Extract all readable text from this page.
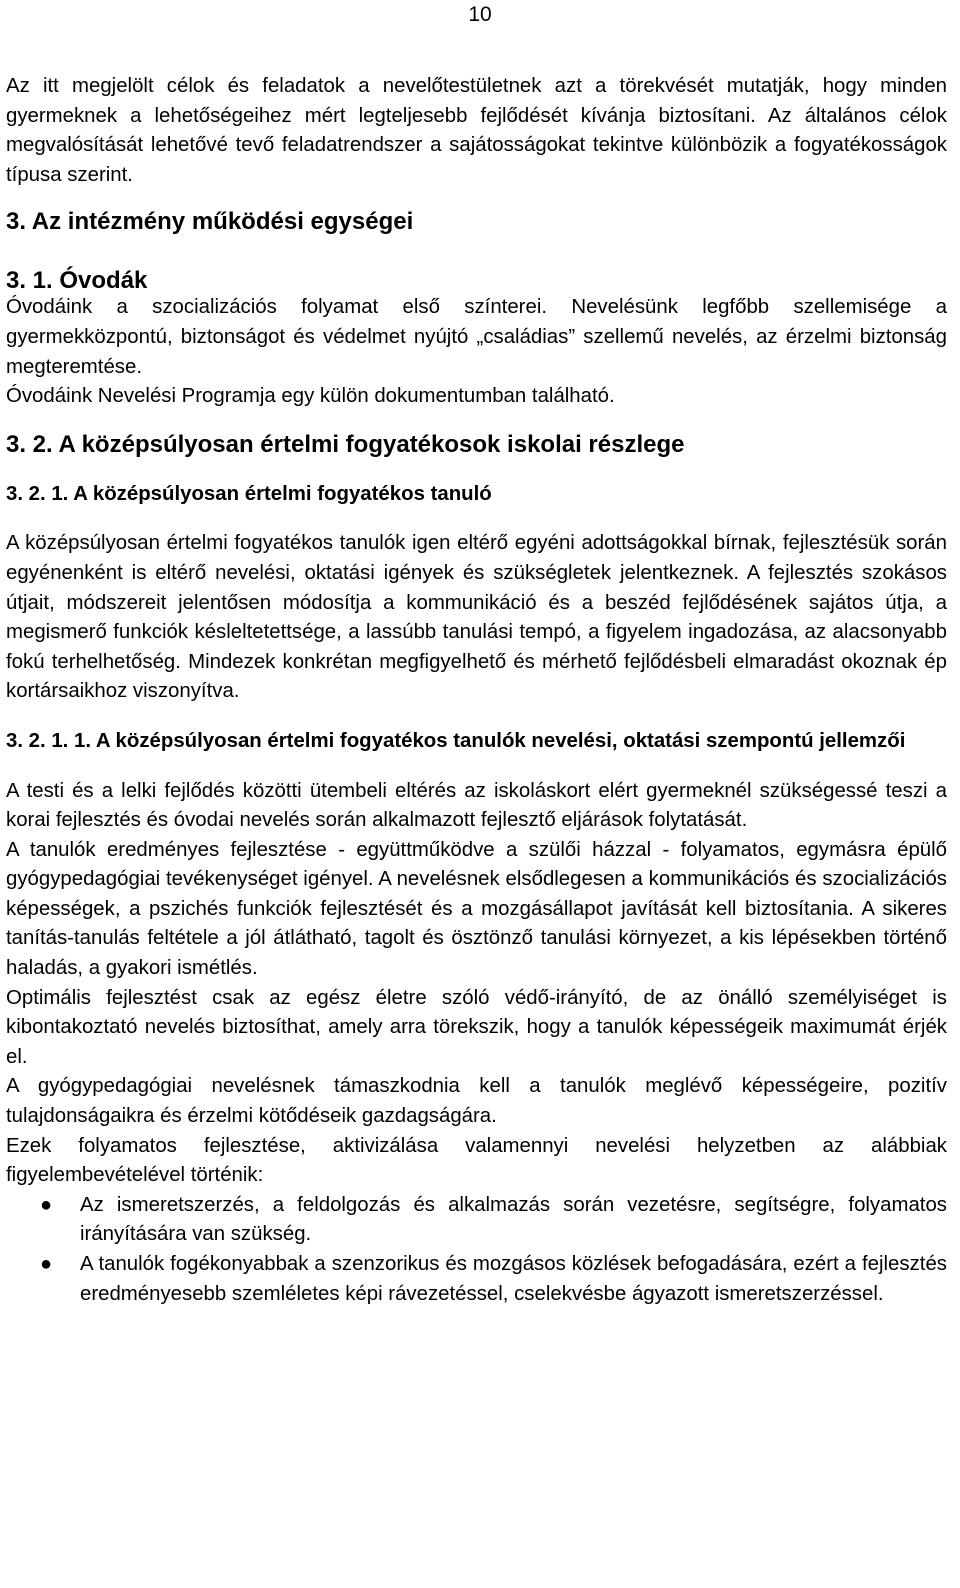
10

Az itt megjelölt célok és feladatok a nevelőtestületnek azt a törekvését mutatják, hogy minden gyermeknek a lehetőségeihez mért legteljesebb fejlődését kívánja biztosítani. Az általános célok megvalósítását lehetővé tevő feladatrendszer a sajátosságokat tekintve különbözik a fogyatékosságok típusa szerint.

3. Az intézmény működési egységei
3. 1. Óvodák

Óvodáink a szocializációs folyamat első színterei. Nevelésünk legfőbb szellemisége a gyermekközpontú, biztonságot és védelmet nyújtó „családias” szellemű nevelés, az érzelmi biztonság megteremtése.

Óvodáink Nevelési Programja egy külön dokumentumban található.

3. 2. A középsúlyosan értelmi fogyatékosok iskolai részlege
3. 2. 1. A középsúlyosan értelmi fogyatékos tanuló

A középsúlyosan értelmi fogyatékos tanulók igen eltérő egyéni adottságokkal bírnak, fejlesztésük során egyénenként is eltérő nevelési, oktatási igények és szükségletek jelentkeznek. A fejlesztés szokásos útjait, módszereit jelentősen módosítja a kommunikáció és a beszéd fejlődésének sajátos útja, a megismerő funkciók késleltetettsége, a lassúbb tanulási tempó, a figyelem ingadozása, az alacsonyabb fokú terhelhetőség. Mindezek konkrétan megfigyelhető és mérhető fejlődésbeli elmaradást okoznak ép kortársaikhoz viszonyítva.

3. 2. 1. 1. A középsúlyosan értelmi fogyatékos tanulók nevelési, oktatási szempontú jellemzői

A testi és a lelki fejlődés közötti ütembeli eltérés az iskoláskort elért gyermeknél szükségessé teszi a korai fejlesztés és óvodai nevelés során alkalmazott fejlesztő eljárások folytatását.

A tanulók eredményes fejlesztése - együttműködve a szülői házzal - folyamatos, egymásra épülő gyógypedagógiai tevékenységet igényel. A nevelésnek elsődlegesen a kommunikációs és szocializációs képességek, a pszichés funkciók fejlesztését és a mozgásállapot javítását kell biztosítania. A sikeres tanítás-tanulás feltétele a jól átlátható, tagolt és ösztönző tanulási környezet, a kis lépésekben történő haladás, a gyakori ismétlés.

Optimális fejlesztést csak az egész életre szóló védő-irányító, de az önálló személyiséget is kibontakoztató nevelés biztosíthat, amely arra törekszik, hogy a tanulók képességeik maximumát érjék el.

A gyógypedagógiai nevelésnek támaszkodnia kell a tanulók meglévő képességeire, pozitív tulajdonságaikra és érzelmi kötődéseik gazdagságára.

Ezek folyamatos fejlesztése, aktivizálása valamennyi nevelési helyzetben az alábbiak figyelembevételével történik:

● Az ismeretszerzés, a feldolgozás és alkalmazás során vezetésre, segítségre, folyamatos irányítására van szükség.
● A tanulók fogékonyabbak a szenzorikus és mozgásos közlések befogadására, ezért a fejlesztés eredményesebb szemléletes képi rávezetéssel, cselekvésbe ágyazott ismeretszerzéssel.
